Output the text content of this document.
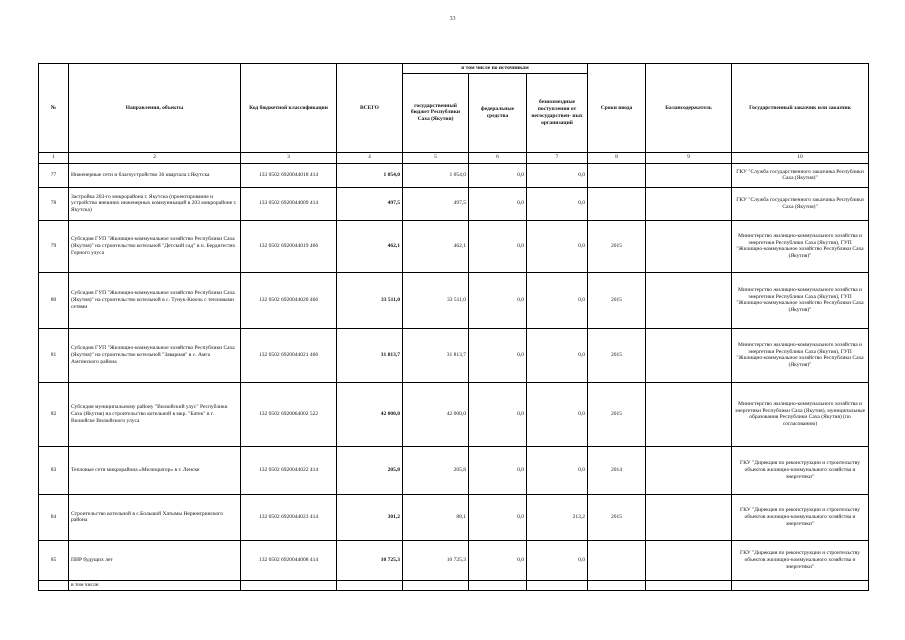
33
№	Направления, объекты	Код бюджетной классификации	ВСЕГО	в том числе по источникам			Сроки ввода	Балансодержатель	Государственный заказчик или заказчик
				государственный бюджет Республики Саха (Якутия)	федеральные средства	безвозмездные поступления от негосударствен- ных организаций			
1	2	3	4	5	6	7	8	9	10
77	Инженерные сети и благоустройство 36 квартала г.Якутска	133 0502 6920044018 414	1 054,0	1 054,0	0,0	0,0			ГКУ "Служба государственного заказчика Республики Саха (Якутия)"
78	Застройка 203-го микрорайона г. Якутска (проектирование и устройство внешних инженерных коммуникаций в 203 микрорайоне г. Якутска)	133 0502 6920044009 414	497,5	497,5	0,0	0,0			ГКУ "Служба государственного заказчика Республики Саха (Якутия)"
79	Субсидия ГУП "Жилищно-коммунальное хозяйство Республики Саха (Якутия)" на строительство котельной "Детский сад" в п. Бердигестях Горного улуса	132 0502 6920044019 466	462,1	462,1	0,0	0,0	2015		Министерство жилищно-коммунального хозяйства и энергетики Республики Саха (Якутия), ГУП "Жилищно-коммунальное хозяйство Республики Саха (Якутия)"
80	Субсидия ГУП "Жилищно-коммунальное хозяйство Республики Саха (Якутия)" на строительство котельной в с. Тунук-Кюель с тепловыми сетями	132 0502 6920044020 466	33 511,0	33 511,0	0,0	0,0	2015		Министерство жилищно-коммунального хозяйства и энергетики Республики Саха (Якутия), ГУП "Жилищно-коммунальное хозяйство Республики Саха (Якутия)"
81	Субсидия ГУП "Жилищно-коммунальное хозяйство Республики Саха (Якутия)" на строительство котельной "Заварная" в с. Амга Амгинского района	132 0502 6920044021 466	31 813,7	31 813,7	0,0	0,0	2015		Министерство жилищно-коммунального хозяйства и энергетики Республики Саха (Якутия), ГУП "Жилищно-коммунальное хозяйство Республики Саха (Якутия)"
82	Субсидия муниципальному району "Вилюйский улус" Республики Саха (Якутия) на строительство котельной в мкр. "Батек" в г. Вилюйске Вилюйского улуса	132 0502 6920064002 522	42 000,0	42 000,0	0,0	0,0	2015		Министерство жилищно-коммунального хозяйства и энергетики Республики Саха (Якутия), муниципальные образования Республики Саха (Якутия) (по согласованию)
83	Тепловые сети микрорайона «Мелиоратор» в г. Ленске	132 0502 6920044022 414	205,8	205,8	0,0	0,0	2014		ГКУ "Дирекция по реконструкции и строительству объектов жилищно-коммунального хозяйства и энергетики"
84	Строительство котельной в с.Большой Хатымы Нерюнгринского района	132 0502 6920044023 414	301,2	88,1	0,0	213,2	2015		ГКУ "Дирекция по реконструкции и строительству объектов жилищно-коммунального хозяйства и энергетики"
85	ПИР будущих лет	132 0502 6920044008 414	10 725,3	10 725,3	0,0	0,0			ГКУ "Дирекция по реконструкции и строительству объектов жилищно-коммунального хозяйства и энергетики"
	в том числе:								
